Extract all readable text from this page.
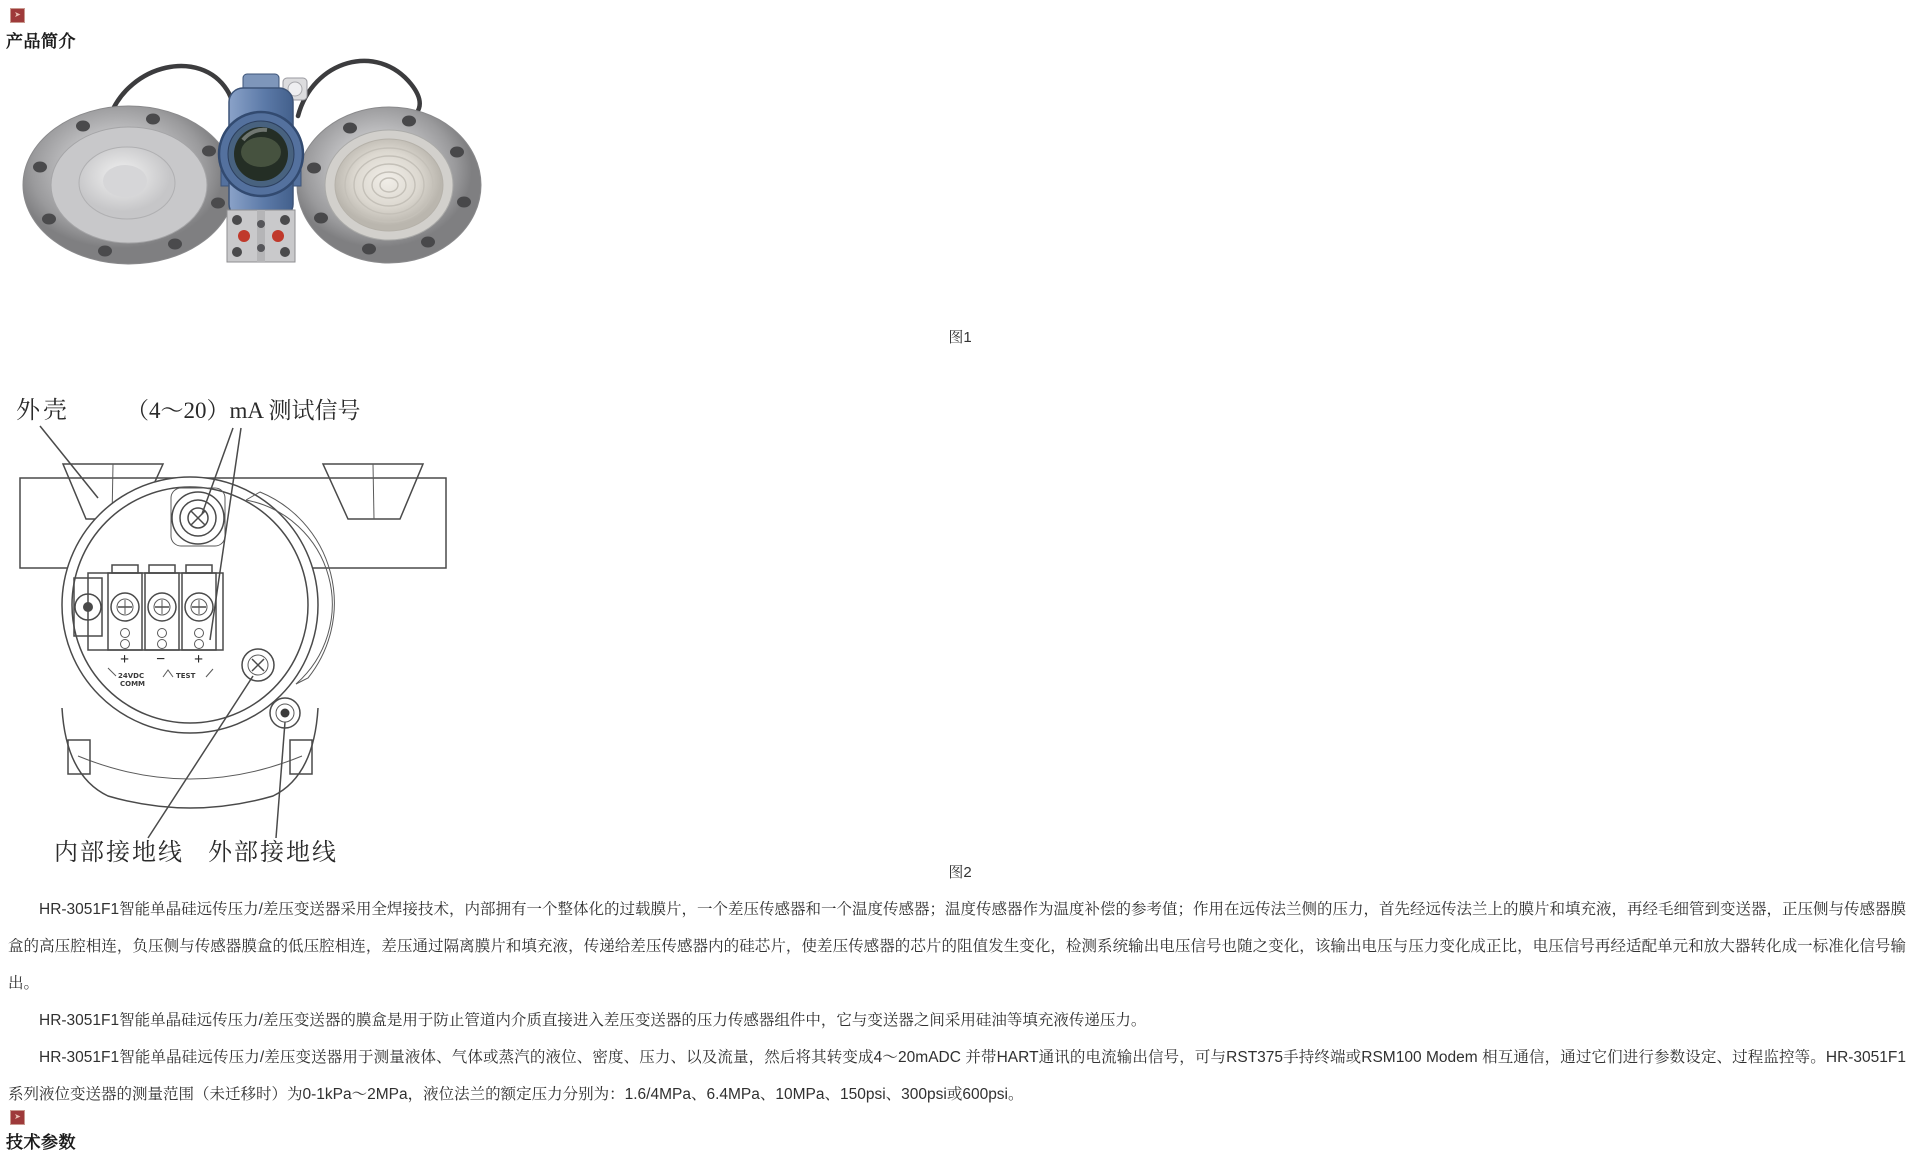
➤
产品简介
图1
+ − +
24VDC
COMM
TEST
外壳 （4～20）mA 测试信号
内部接地线 外部接地线
图2

HR-3051F1智能单晶硅远传压力/差压变送器采用全焊接技术，内部拥有一个整体化的过载膜片，一个差压传感器和一个温度传感器；温度传感器作为温度补偿的参考值；作用在远传法兰侧的压力，首先经远传法兰上的膜片和填充液，再经毛细管到变送器，正压侧与传感器膜盒的高压腔相连，负压侧与传感器膜盒的低压腔相连，差压通过隔离膜片和填充液，传递给差压传感器内的硅芯片，使差压传感器的芯片的阻值发生变化，检测系统输出电压信号也随之变化，该输出电压与压力变化成正比，电压信号再经适配单元和放大器转化成一标准化信号输出。

HR-3051F1智能单晶硅远传压力/差压变送器的膜盒是用于防止管道内介质直接进入差压变送器的压力传感器组件中，它与变送器之间采用硅油等填充液传递压力。

HR-3051F1智能单晶硅远传压力/差压变送器用于测量液体、气体或蒸汽的液位、密度、压力、以及流量，然后将其转变成4～20mADC 并带HART通讯的电流输出信号，可与RST375手持终端或RSM100 Modem 相互通信，通过它们进行参数设定、过程监控等。HR-3051F1系列液位变送器的测量范围（未迁移时）为0-1kPa～2MPa，液位法兰的额定压力分别为：1.6/4MPa、6.4MPa、10MPa、150psi、300psi或600psi。

➤
技术参数
